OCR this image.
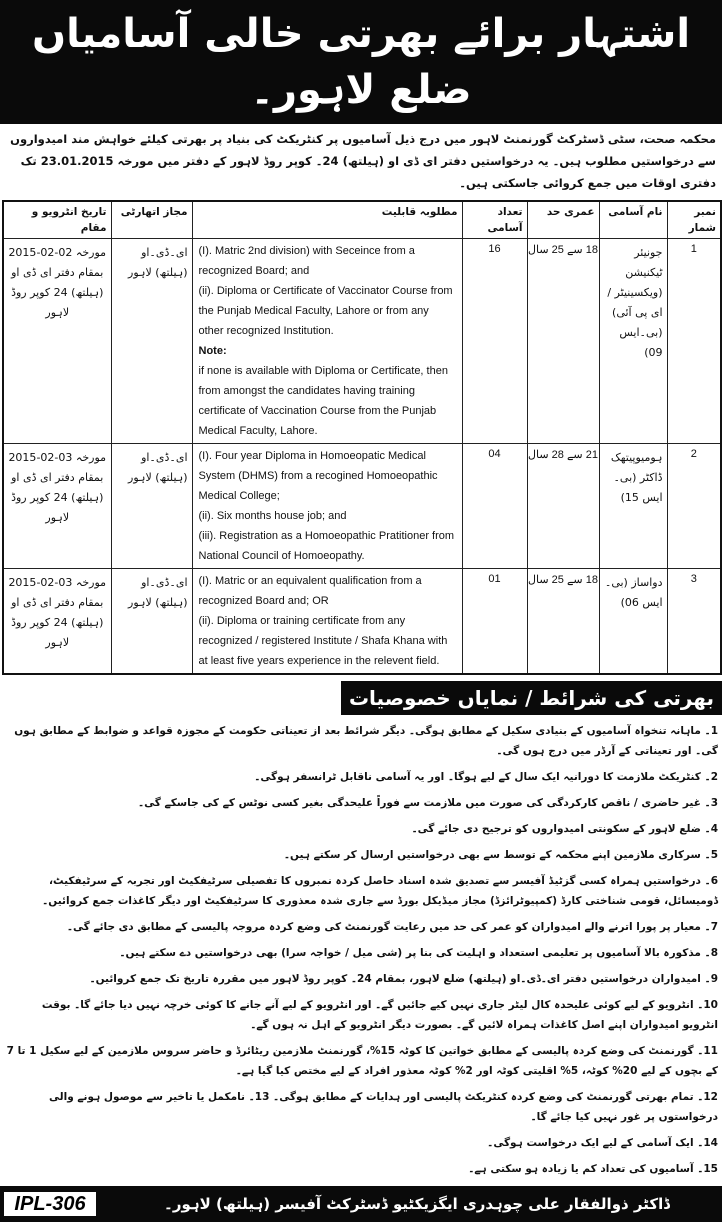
اشتہار برائے بھرتی خالی آسامیاں ضلع لاہور۔
محکمہ صحت، سٹی ڈسٹرکٹ گورنمنٹ لاہور میں درج ذیل آسامیوں پر کنٹریکٹ کی بنیاد پر بھرتی کیلئے خواہش مند امیدواروں سے درخواستیں مطلوب ہیں۔ یہ درخواستیں دفتر ای ڈی او (ہیلتھ) 24۔ کوپر روڈ لاہور کے دفتر میں مورخہ 23.01.2015 تک دفتری اوقات میں جمع کروائی جاسکتی ہیں۔
نمبر شمار	نام آسامی	عمری حد	تعداد آسامی	مطلوبہ قابلیت	مجاز اتھارٹی	تاریخ انٹرویو و مقام
1	جونیئر ٹیکنیشن (ویکسینیٹر / ای پی آئی) (بی۔ایس 09)	18 سے 25 سال	16	(I). Matric 2nd division) with Seceince from a recognized Board; and
(ii). Diploma or Certificate of Vaccinator Course from the Punjab Medical Faculty, Lahore or from any other recognized Institution.
Note:
if none is available with Diploma or Certificate, then from amongst the candidates having training certificate of Vaccination Course from the Punjab Medical Faculty, Lahore.	ای۔ڈی۔او (ہیلتھ) لاہور	مورخہ 02-02-2015 بمقام دفتر ای ڈی او (ہیلتھ) 24 کوپر روڈ لاہور
2	ہومیوپیتھک ڈاکٹر (بی۔ایس 15)	21 سے 28 سال	04	(I). Four year Diploma in Homoeopatic Medical System (DHMS) from a recogined Homoeopathic Medical College;
(ii). Six months house job; and
(iii). Registration as a Homoeopathic Pratitioner from National Council of Homoeopathy.	ای۔ڈی۔او (ہیلتھ) لاہور	مورخہ 03-02-2015 بمقام دفتر ای ڈی او (ہیلتھ) 24 کوپر روڈ لاہور
3	دواساز (بی۔ایس 06)	18 سے 25 سال	01	(I). Matric or an equivalent qualification from a recognized Board and; OR
(ii). Diploma or training certificate from any recognized / registered Institute / Shafa Khana with at least five years experience in the relevent field.	ای۔ڈی۔او (ہیلتھ) لاہور	مورخہ 03-02-2015 بمقام دفتر ای ڈی او (ہیلتھ) 24 کوپر روڈ لاہور
بھرتی کی شرائط / نمایاں خصوصیات
1۔ ماہانہ تنخواہ آسامیوں کے بنیادی سکیل کے مطابق ہوگی۔ دیگر شرائط بعد از تعیناتی حکومت کے مجوزہ قواعد و ضوابط کے مطابق ہوں گی۔ اور تعیناتی کے آرڈر میں درج ہوں گی۔
2۔ کنٹریکٹ ملازمت کا دورانیہ ایک سال کے لیے ہوگا۔ اور یہ آسامی ناقابل ٹرانسفر ہوگی۔
3۔ غیر حاضری / ناقص کارکردگی کی صورت میں ملازمت سے فوراً علیحدگی بغیر کسی نوٹس کے کی جاسکے گی۔
4۔ ضلع لاہور کے سکونتی امیدواروں کو ترجیح دی جائے گی۔
5۔ سرکاری ملازمین اپنے محکمہ کے توسط سے بھی درخواستیں ارسال کر سکتے ہیں۔
6۔ درخواستیں ہمراہ کسی گزٹیڈ آفیسر سے تصدیق شدہ اسناد حاصل کردہ نمبروں کا تفصیلی سرٹیفکیٹ اور تجربہ کے سرٹیفکیٹ، ڈومیسائل، قومی شناختی کارڈ (کمپیوٹرائزڈ) مجاز میڈیکل بورڈ سے جاری شدہ معذوری کا سرٹیفکیٹ اور دیگر کاغذات جمع کروائیں۔
7۔ معیار پر پورا اترنے والے امیدواران کو عمر کی حد میں رعایت گورنمنٹ کی وضع کردہ مروجہ پالیسی کے مطابق دی جائے گی۔
8۔ مذکورہ بالا آسامیوں پر تعلیمی استعداد و اہلیت کی بنا پر (شی میل / خواجہ سرا) بھی درخواستیں دے سکتے ہیں۔
9۔ امیدواران درخواستیں دفتر ای۔ڈی۔او (ہیلتھ) ضلع لاہور، بمقام 24۔ کوپر روڈ لاہور میں مقررہ تاریخ تک جمع کروائیں۔
10۔ انٹرویو کے لیے کوئی علیحدہ کال لیٹر جاری نہیں کیے جائیں گے۔ اور انٹرویو کے لیے آنے جانے کا کوئی خرچہ نہیں دیا جائے گا۔ بوقت انٹرویو امیدواران اپنے اصل کاغذات ہمراہ لائیں گے۔ بصورت دیگر انٹرویو کے اہل نہ ہوں گے۔
11۔ گورنمنٹ کی وضع کردہ پالیسی کے مطابق خواتین کا کوٹہ 15%، گورنمنٹ ملازمین ریٹائرڈ و حاضر سروس ملازمین کے لیے سکیل 1 تا 7 کے بچوں کے لیے 20% کوٹہ، 5% اقلیتی کوٹہ اور 2% کوٹہ معذور افراد کے لیے مختص کیا گیا ہے۔
12۔ تمام بھرتی گورنمنٹ کی وضع کردہ کنٹریکٹ پالیسی اور ہدایات کے مطابق ہوگی۔ 13۔ نامکمل یا تاخیر سے موصول ہونے والی درخواستوں پر غور نہیں کیا جائے گا۔
14۔ ایک آسامی کے لیے ایک درخواست ہوگی۔
15۔ آسامیوں کی تعداد کم یا زیادہ ہو سکتی ہے۔
IPL-306	ڈاکٹر ذوالفقار علی چوہدری ایگزیکٹیو ڈسٹرکٹ آفیسر (ہیلتھ) لاہور۔
